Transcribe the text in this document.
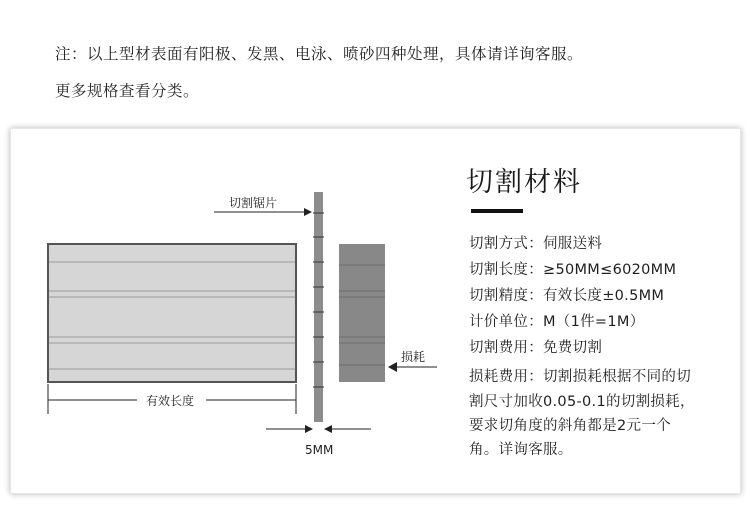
注：以上型材表面有阳极、发黑、电泳、喷砂四种处理，具体请详询客服。
更多规格查看分类。
切割锯片
损耗
有效长度
5MM
切割材料
切割方式：伺服送料
切割长度：≥50MM≤6020MM
切割精度：有效长度±0.5MM
计价单位：M（1件=1M）
切割费用：免费切割
损耗费用：切割损耗根据不同的切
割尺寸加收0.05-0.1的切割损耗，
要求切角度的斜角都是2元一个
角。详询客服。
